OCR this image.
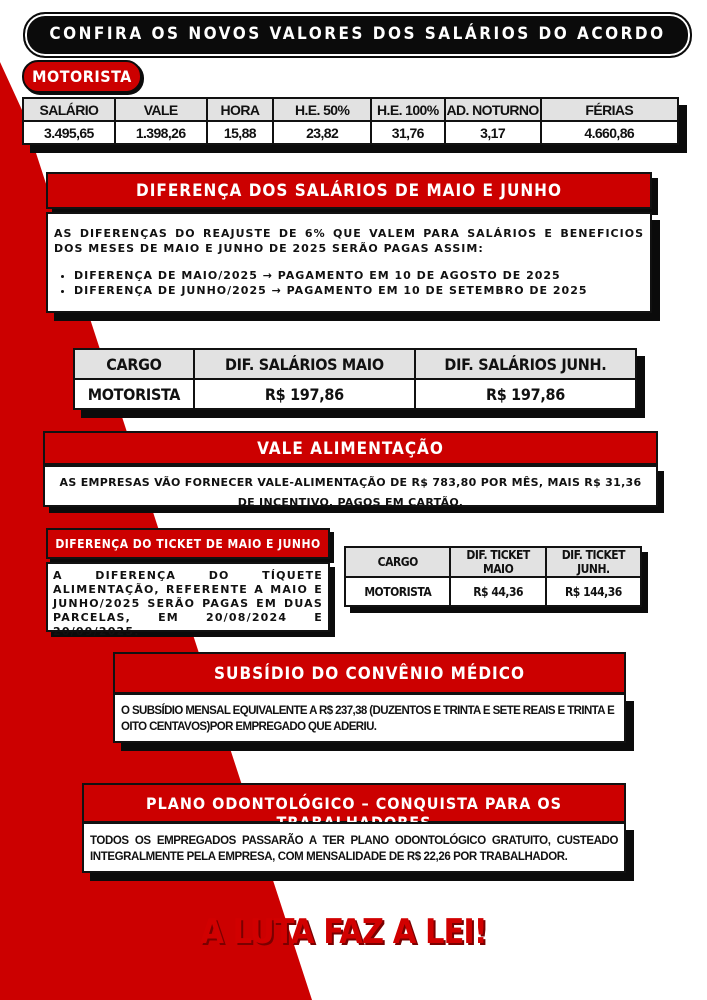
CONFIRA OS NOVOS VALORES DOS SALÁRIOS DO ACORDO
MOTORISTA
SALÁRIO	VALE	HORA	H.E. 50%	H.E. 100%	AD. NOTURNO	FÉRIAS
3.495,65	1.398,26	15,88	23,82	31,76	3,17	4.660,86
DIFERENÇA DOS SALÁRIOS DE MAIO E JUNHO

AS DIFERENÇAS DO REAJUSTE DE 6% QUE VALEM PARA SALÁRIOS E BENEFICIOS DOS MESES DE MAIO E JUNHO DE 2025 SERÃO PAGAS ASSIM:

• DIFERENÇA DE MAIO/2025 → PAGAMENTO EM 10 DE AGOSTO DE 2025
• DIFERENÇA DE JUNHO/2025 → PAGAMENTO EM 10 DE SETEMBRO DE 2025
CARGO	DIF. SALÁRIOS MAIO	DIF. SALÁRIOS JUNH.
MOTORISTA	R$ 197,86	R$ 197,86
VALE ALIMENTAÇÃO
AS EMPRESAS VÃO FORNECER VALE-ALIMENTAÇÃO DE R$ 783,80 POR MÊS, MAIS R$ 31,36 DE INCENTIVO, PAGOS EM CARTÃO.
DIFERENÇA DO TICKET DE MAIO E JUNHO

A DIFERENÇA DO TÍQUETE ALIMENTAÇÃO, REFERENTE A MAIO E JUNHO/2025 SERÃO PAGAS EM DUAS PARCELAS, EM 20/08/2024 E 20/09/2025.

CARGO	DIF. TICKET MAIO	DIF. TICKET JUNH.
MOTORISTA	R$ 44,36	R$ 144,36
SUBSÍDIO DO CONVÊNIO MÉDICO

O SUBSÍDIO MENSAL EQUIVALENTE A R$ 237,38 (DUZENTOS E TRINTA E SETE REAIS E TRINTA E OITO CENTAVOS)POR EMPREGADO QUE ADERIU.

PLANO ODONTOLÓGICO – CONQUISTA PARA OS

TODOS OS EMPREGADOS PASSARÃO A TER PLANO ODONTOLÓGICO GRATUITO, CUSTEADO INTEGRALMENTE PELA EMPRESA, COM MENSALIDADE DE R$ 22,26 POR TRABALHADOR.

A LUTA FAZ A LEI!
